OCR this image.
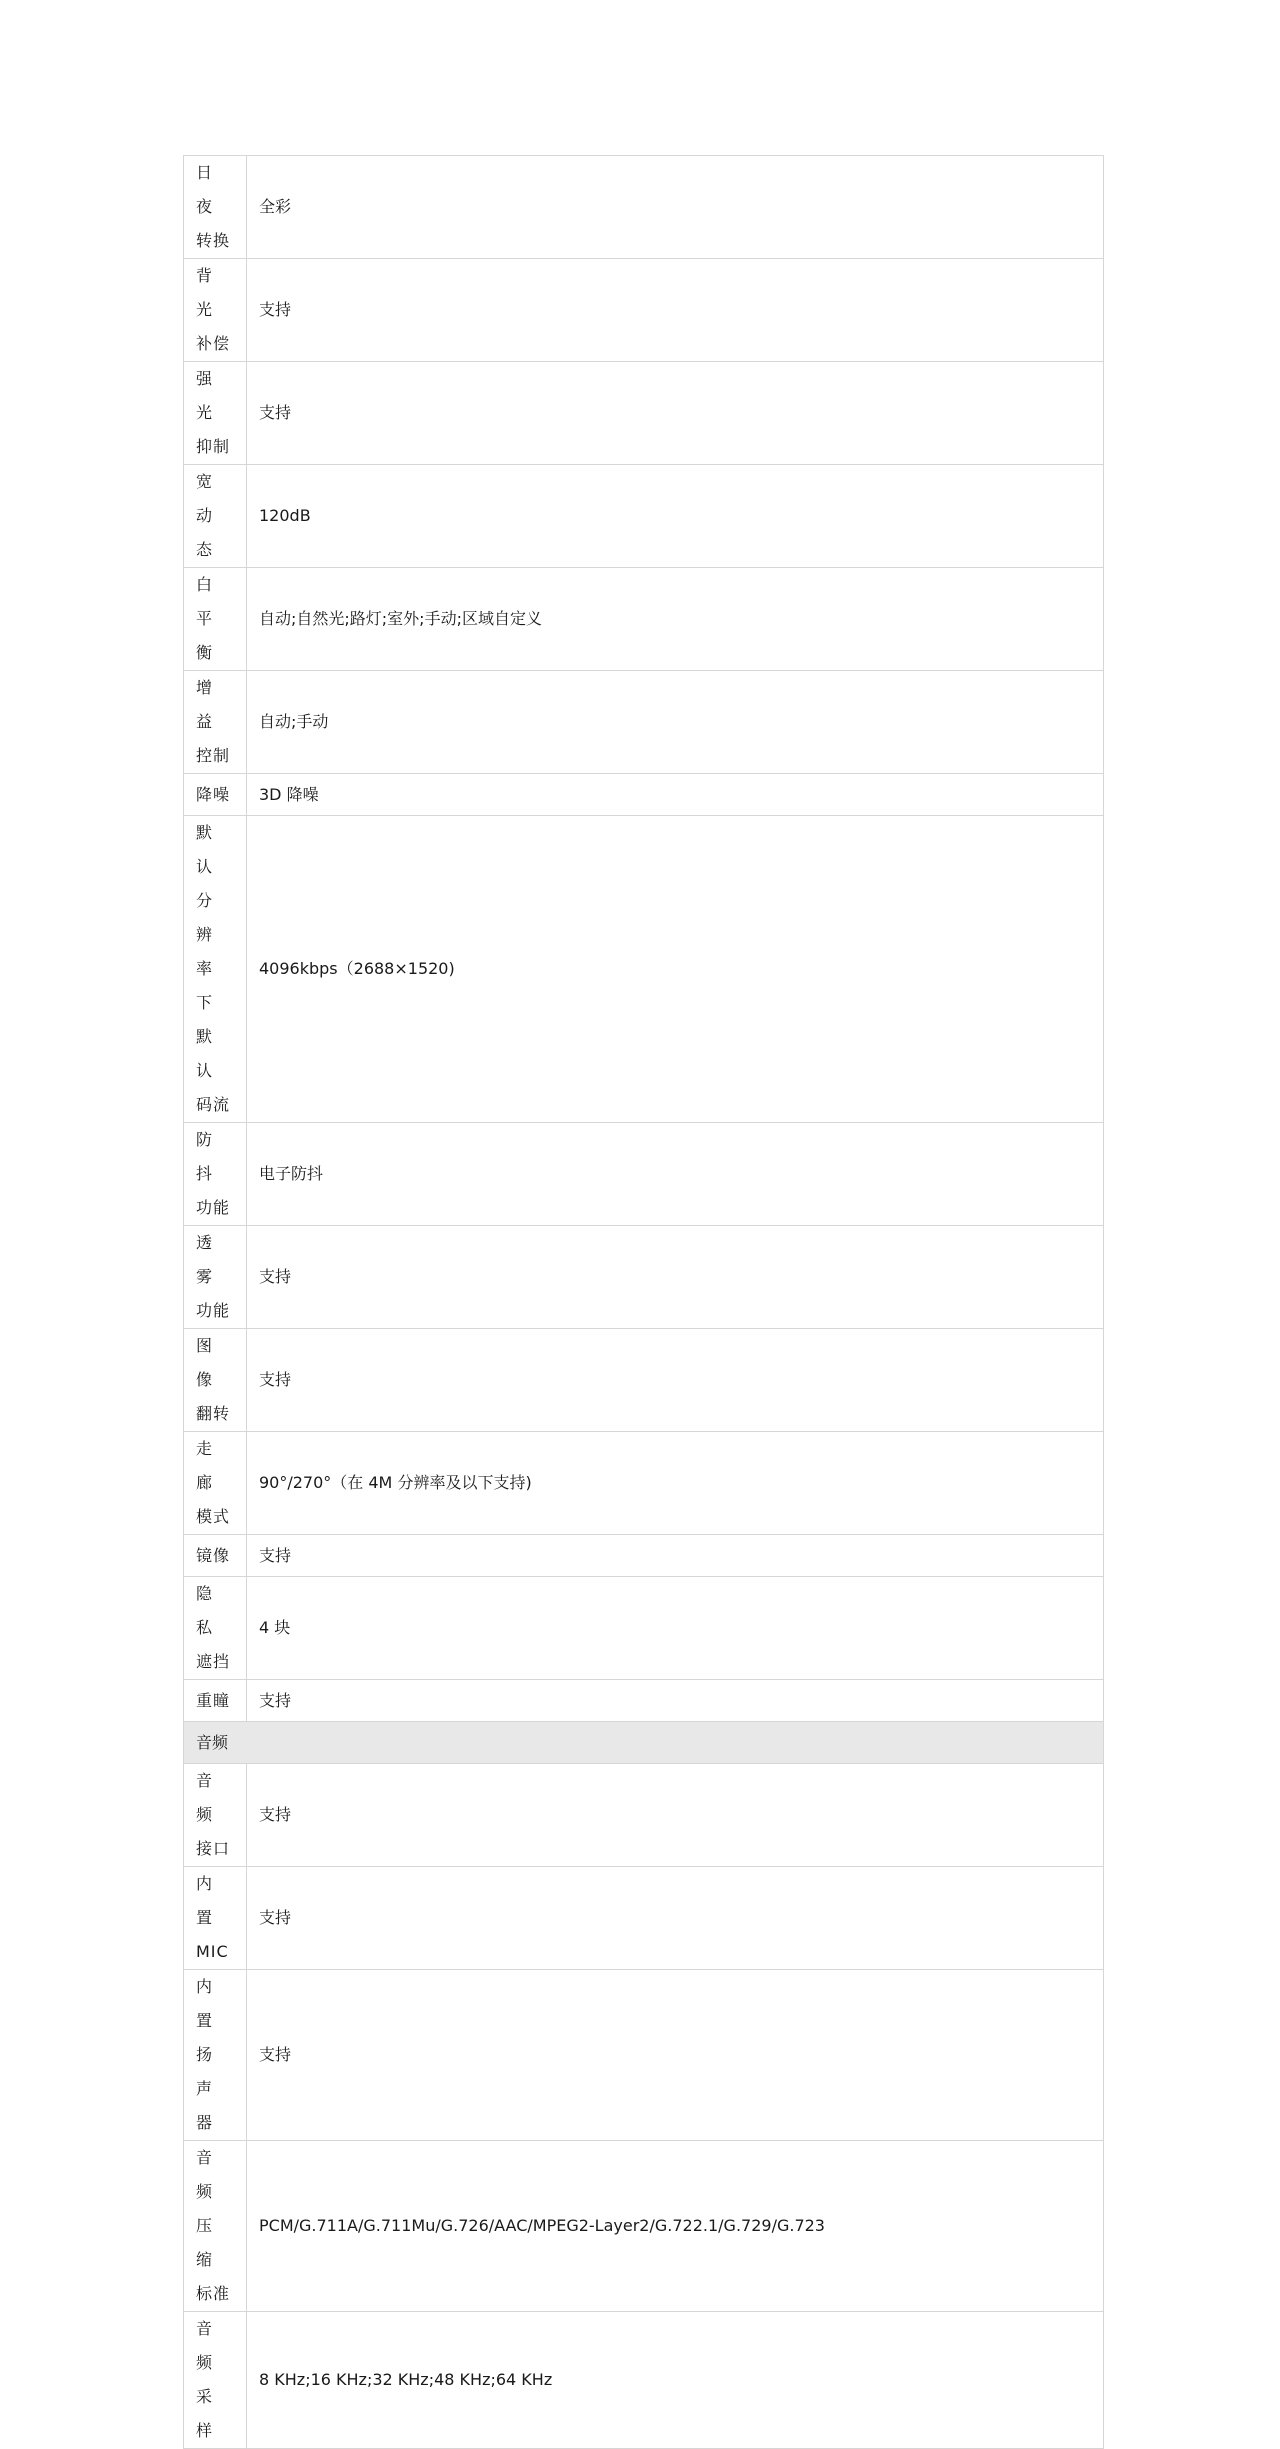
日 夜
转换	全彩

背 光
补偿	支持

强 光
抑制	支持

宽 动
态	120dB

白 平
衡	自动;自然光;路灯;室外;手动;区域自定义

增 益
控制	自动;手动

降噪	3D 降噪

默 认
分 辨
率 下
默 认
码流	4096kbps（2688×1520)

防 抖
功能	电子防抖

透 雾
功能	支持

图 像
翻转	支持

走 廊
模式	90°/270°（在 4M 分辨率及以下支持)

镜像	支持

隐 私
遮挡	4 块

重瞳	支持
音频	

音 频
接口	支持

内 置
MIC	支持

内 置
扬 声
器	支持

音 频
压 缩
标准	PCM/G.711A/G.711Mu/G.726/AAC/MPEG2-Layer2/G.722.1/G.729/G.723

音 频
采 样	8 KHz;16 KHz;32 KHz;48 KHz;64 KHz
